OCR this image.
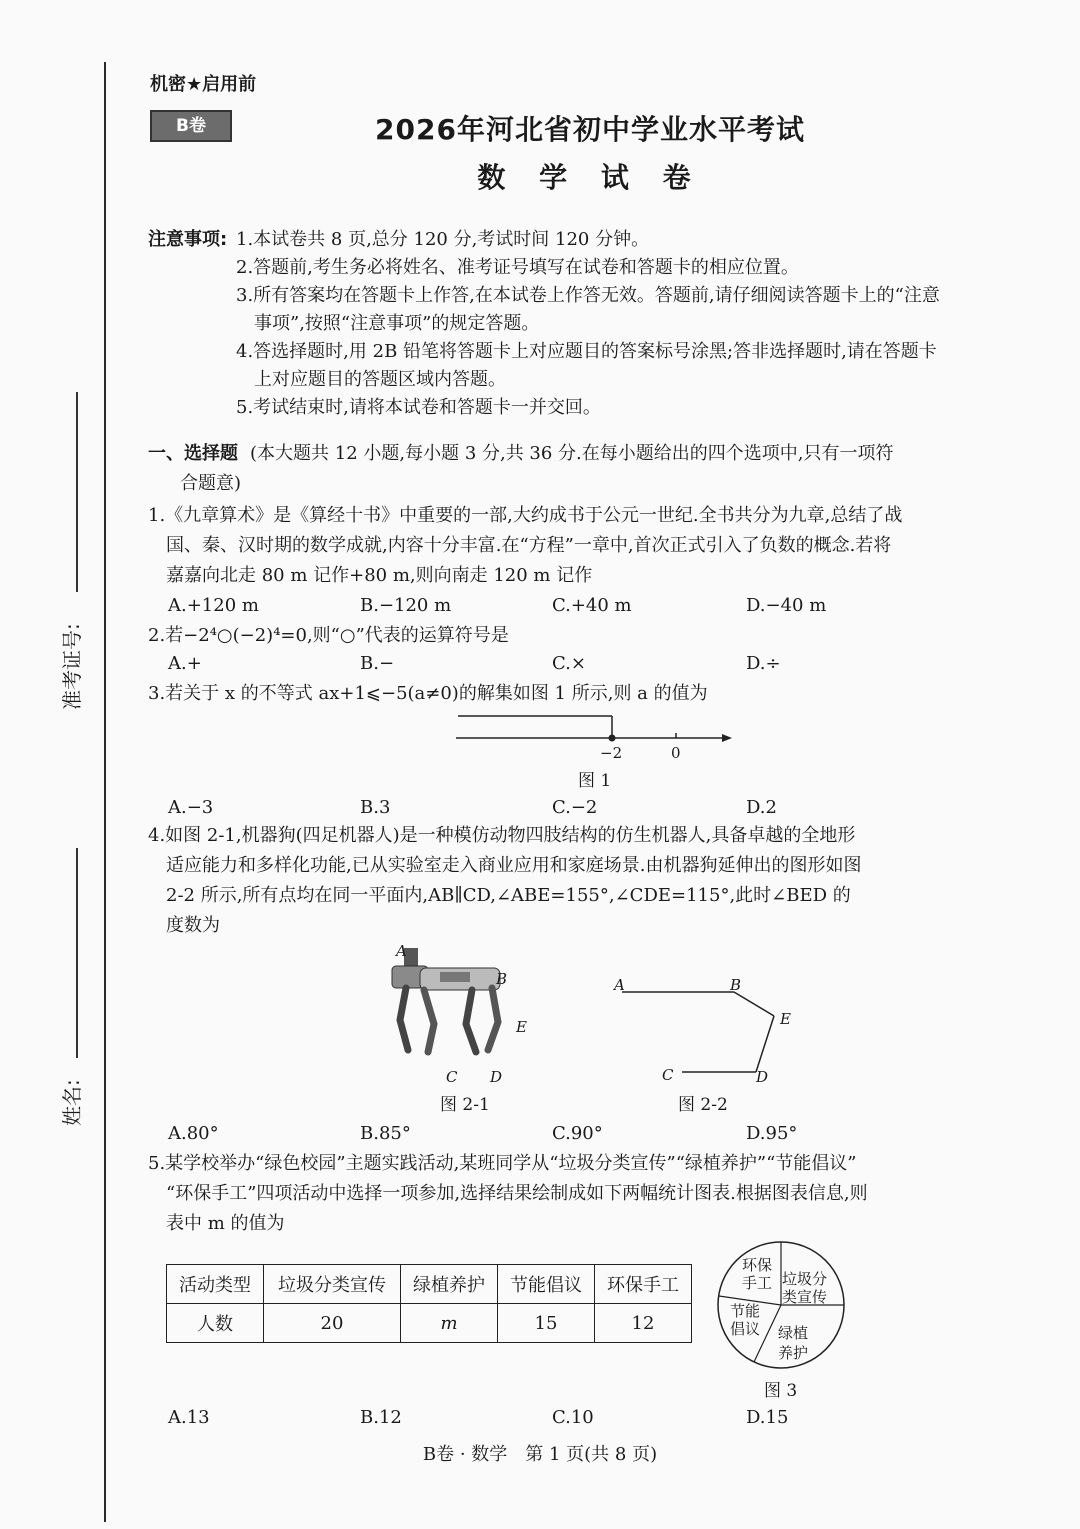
准考证号:
姓名:
机密★启用前
B卷	2026年河北省初中学业水平考试
数 学 试 卷
注意事项: 1.本试卷共 8 页,总分 120 分,考试时间 120 分钟。
2.答题前,考生务必将姓名、准考证号填写在试卷和答题卡的相应位置。
3.所有答案均在答题卡上作答,在本试卷上作答无效。答题前,请仔细阅读答题卡上的“注意
事项”,按照“注意事项”的规定答题。
4.答选择题时,用 2B 铅笔将答题卡上对应题目的答案标号涂黑;答非选择题时,请在答题卡
上对应题目的答题区域内答题。
5.考试结束时,请将本试卷和答题卡一并交回。
一、选择题 (本大题共 12 小题,每小题 3 分,共 36 分.在每小题给出的四个选项中,只有一项符
合题意)
1.《九章算术》是《算经十书》中重要的一部,大约成书于公元一世纪.全书共分为九章,总结了战
国、秦、汉时期的数学成就,内容十分丰富.在“方程”一章中,首次正式引入了负数的概念.若将
嘉嘉向北走 80 m 记作+80 m,则向南走 120 m 记作
A.+120 m	B.−120 m	C.+40 m	D.−40 m
2.若−2⁴○(−2)⁴=0,则“○”代表的运算符号是
A.+	B.−	C.×	D.÷
3.若关于 x 的不等式 ax+1⩽−5(a≠0)的解集如图 1 所示,则 a 的值为
−2	0
图 1
A.−3	B.3	C.−2	D.2
4.如图 2-1,机器狗(四足机器人)是一种模仿动物四肢结构的仿生机器人,具备卓越的全地形
适应能力和多样化功能,已从实验室走入商业应用和家庭场景.由机器狗延伸出的图形如图
2-2 所示,所有点均在同一平面内,AB∥CD,∠ABE=155°,∠CDE=115°,此时∠BED 的
度数为
A
B
E
C D
图 2-1
A	B
E
C	D
图 2-2
A.80°	B.85°	C.90°	D.95°
5.某学校举办“绿色校园”主题实践活动,某班同学从“垃圾分类宣传”“绿植养护”“节能倡议”
“环保手工”四项活动中选择一项参加,选择结果绘制成如下两幅统计图表.根据图表信息,则
表中 m 的值为
活动类型	垃圾分类宣传	绿植养护	节能倡议	环保手工
人数	20	m	15	12
环保
手工 垃圾分
类宣传
节能
倡议 绿植
养护
图 3
A.13	B.12	C.10	D.15
B卷 · 数学　第 1 页(共 8 页)
